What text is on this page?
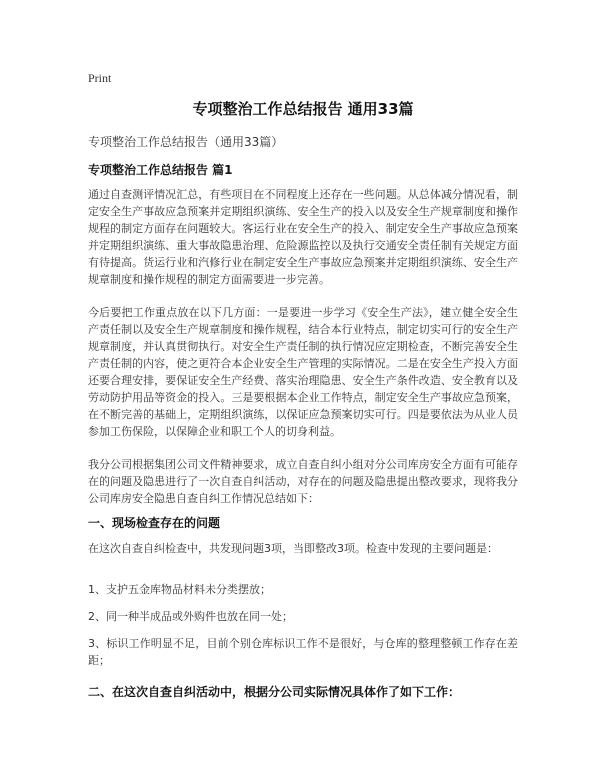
Print
专项整治工作总结报告 通用33篇

专项整治工作总结报告（通用33篇）

专项整治工作总结报告 篇1

通过自查测评情况汇总，有些项目在不同程度上还存在一些问题。从总体减分情况看，制定安全生产事故应急预案并定期组织演练、安全生产的投入以及安全生产规章制度和操作规程的制定方面存在问题较大。客运行业在安全生产的投入、制定安全生产事故应急预案并定期组织演练、重大事故隐患治理、危险源监控以及执行交通安全责任制有关规定方面有待提高。货运行业和汽修行业在制定安全生产事故应急预案并定期组织演练、安全生产规章制度和操作规程的制定方面需要进一步完善。

今后要把工作重点放在以下几方面：一是要进一步学习《安全生产法》，建立健全安全生产责任制以及安全生产规章制度和操作规程，结合本行业特点，制定切实可行的安全生产规章制度，并认真贯彻执行。对安全生产责任制的执行情况应定期检查，不断完善安全生产责任制的内容，使之更符合本企业安全生产管理的实际情况。二是在安全生产投入方面还要合理安排，要保证安全生产经费、落实治理隐患、安全生产条件改造、安全教育以及劳动防护用品等资金的投入。三是要根据本企业工作特点，制定安全生产事故应急预案，在不断完善的基础上，定期组织演练，以保证应急预案切实可行。四是要依法为从业人员参加工伤保险，以保障企业和职工个人的切身利益。

我分公司根据集团公司文件精神要求，成立自查自纠小组对分公司库房安全方面有可能存在的问题及隐患进行了一次自查自纠活动，对存在的问题及隐患提出整改要求，现将我分公司库房安全隐患自查自纠工作情况总结如下：

一、现场检查存在的问题

在这次自查自纠检查中，共发现问题3项，当即整改3项。检查中发现的主要问题是：

1、支护五金库物品材料未分类摆放；

2、同一种半成品或外购件也放在同一处；

3、标识工作明显不足，目前个别仓库标识工作不是很好，与仓库的整理整顿工作存在差距；

二、在这次自查自纠活动中，根据分公司实际情况具体作了如下工作：
